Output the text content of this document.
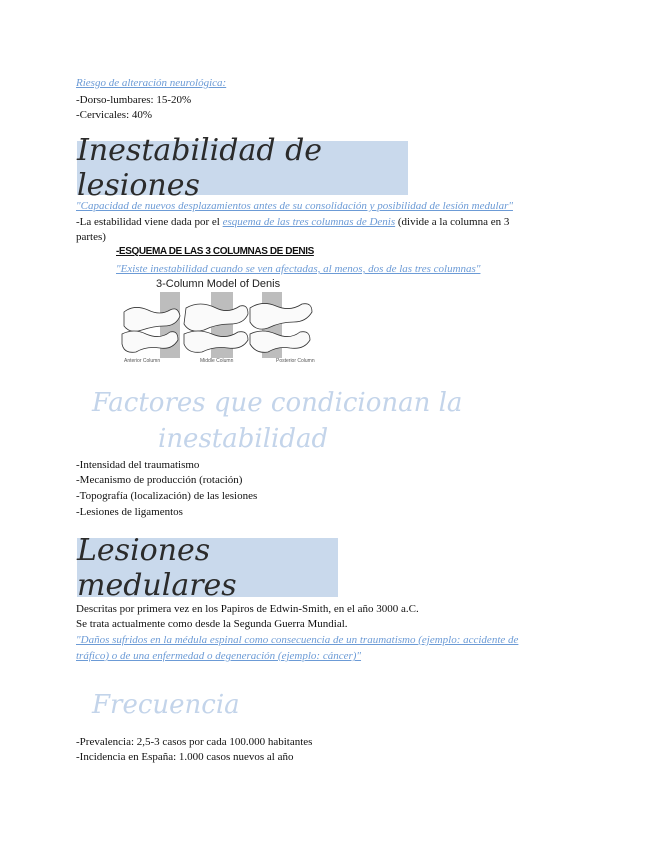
Riesgo de alteración neurológica:
-Dorso-lumbares: 15-20%
-Cervicales: 40%
Inestabilidad de lesiones
"Capacidad de nuevos desplazamientos antes de su consolidación y posibilidad de lesión medular"
-La estabilidad viene dada por el esquema de las tres columnas de Denis (divide a la columna en 3
partes)
-ESQUEMA DE LAS 3 COLUMNAS DE DENIS
"Existe inestabilidad cuando se ven afectadas, al menos, dos de las tres columnas"
3-Column Model of Denis
Anterior Column	Middle Column	Posterior Column
Factores que condicionan la
inestabilidad
-Intensidad del traumatismo
-Mecanismo de producción (rotación)
-Topografía (localización) de las lesiones
-Lesiones de ligamentos
Lesiones medulares
Descritas por primera vez en los Papiros de Edwin-Smith, en el año 3000 a.C.
Se trata actualmente como desde la Segunda Guerra Mundial.
"Daños sufridos en la médula espinal como consecuencia de un traumatismo (ejemplo: accidente de
tráfico) o de una enfermedad o degeneración (ejemplo: cáncer)"
Frecuencia
-Prevalencia: 2,5-3 casos por cada 100.000 habitantes
-Incidencia en España: 1.000 casos nuevos al año
